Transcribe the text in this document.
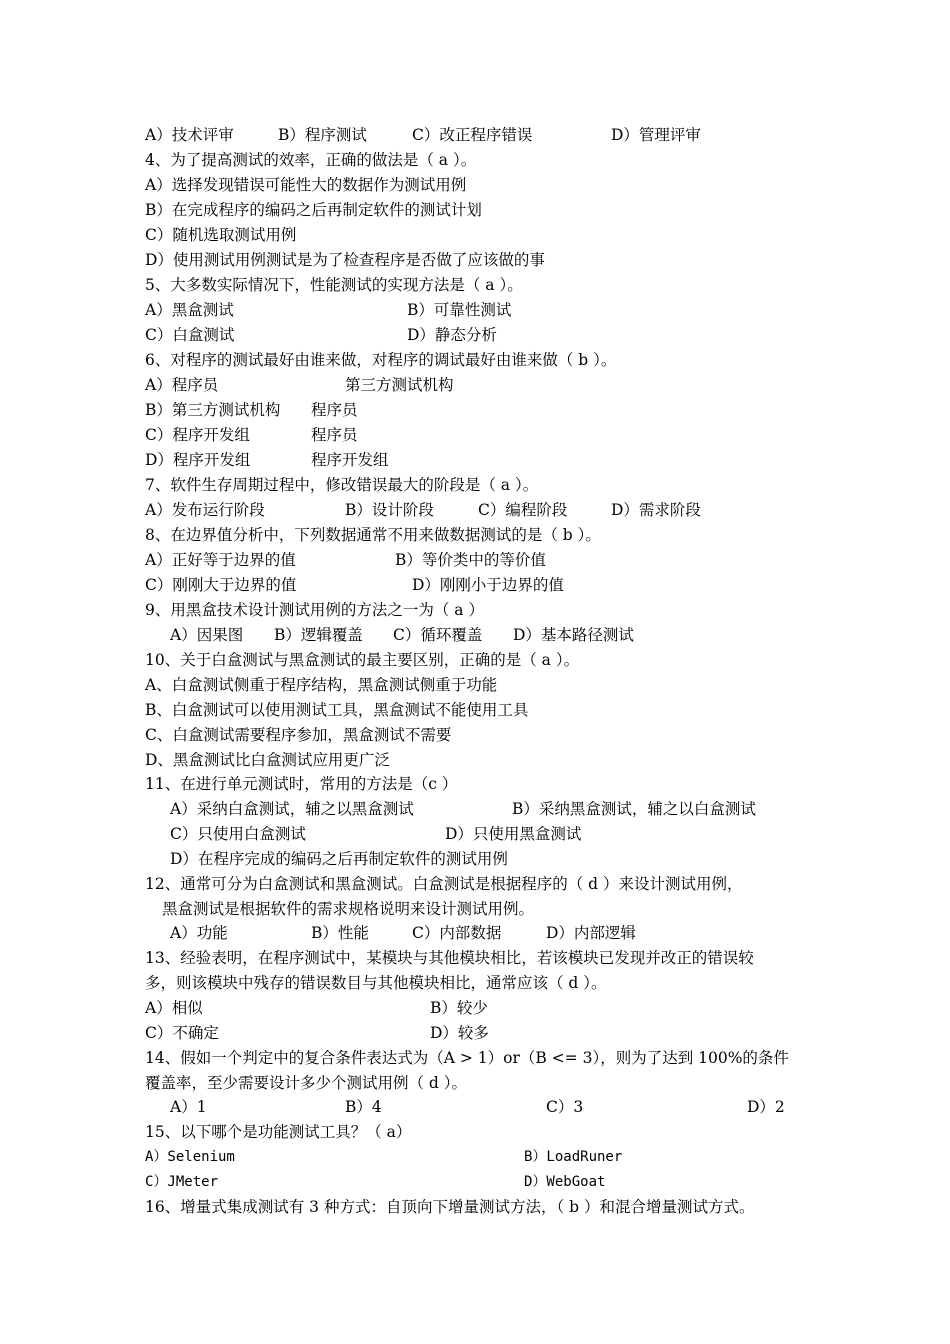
A）技术评审	B）程序测试	C）改正程序错误	D）管理评审
4、为了提高测试的效率，正确的做法是（ a ）。
A）选择发现错误可能性大的数据作为测试用例
B）在完成程序的编码之后再制定软件的测试计划
C）随机选取测试用例
D）使用测试用例测试是为了检查程序是否做了应该做的事
5、大多数实际情况下，性能测试的实现方法是（ a ）。
A）黑盒测试	B）可靠性测试
C）白盒测试	D）静态分析
6、对程序的测试最好由谁来做，对程序的调试最好由谁来做（ b ）。
A）程序员	第三方测试机构
B）第三方测试机构 程序员
C）程序开发组	程序员
D）程序开发组	程序开发组
7、软件生存周期过程中，修改错误最大的阶段是（ a ）。
A）发布运行阶段	B）设计阶段	C）编程阶段	D）需求阶段
8、在边界值分析中，下列数据通常不用来做数据测试的是（ b ）。
A）正好等于边界的值	B）等价类中的等价值
C）刚刚大于边界的值	D）刚刚小于边界的值
9、用黑盒技术设计测试用例的方法之一为（ a ）
A）因果图 B）逻辑覆盖 C）循环覆盖 D）基本路径测试
10、关于白盒测试与黑盒测试的最主要区别，正确的是（ a ）。
A、白盒测试侧重于程序结构，黑盒测试侧重于功能
B、白盒测试可以使用测试工具，黑盒测试不能使用工具
C、白盒测试需要程序参加，黑盒测试不需要
D、黑盒测试比白盒测试应用更广泛
11、在进行单元测试时，常用的方法是（c ）
A）采纳白盒测试，辅之以黑盒测试	B）采纳黑盒测试，辅之以白盒测试
C）只使用白盒测试	D）只使用黑盒测试
D）在程序完成的编码之后再制定软件的测试用例
12、通常可分为白盒测试和黑盒测试。白盒测试是根据程序的（ d ）来设计测试用例，
黑盒测试是根据软件的需求规格说明来设计测试用例。
A）功能	B）性能	C）内部数据	D）内部逻辑
13、经验表明，在程序测试中，某模块与其他模块相比，若该模块已发现并改正的错误较
多，则该模块中残存的错误数目与其他模块相比，通常应该（ d ）。
A）相似	B）较少
C）不确定	D）较多
14、假如一个判定中的复合条件表达式为（A > 1）or（B <= 3），则为了达到 100%的条件
覆盖率，至少需要设计多少个测试用例（ d ）。
A）1	B）4	C）3	D）2
15、以下哪个是功能测试工具？（ a）
A）Selenium	B）LoadRuner
C）JMeter	D）WebGoat
16、增量式集成测试有 3 种方式：自顶向下增量测试方法，（ b ）和混合增量测试方式。
